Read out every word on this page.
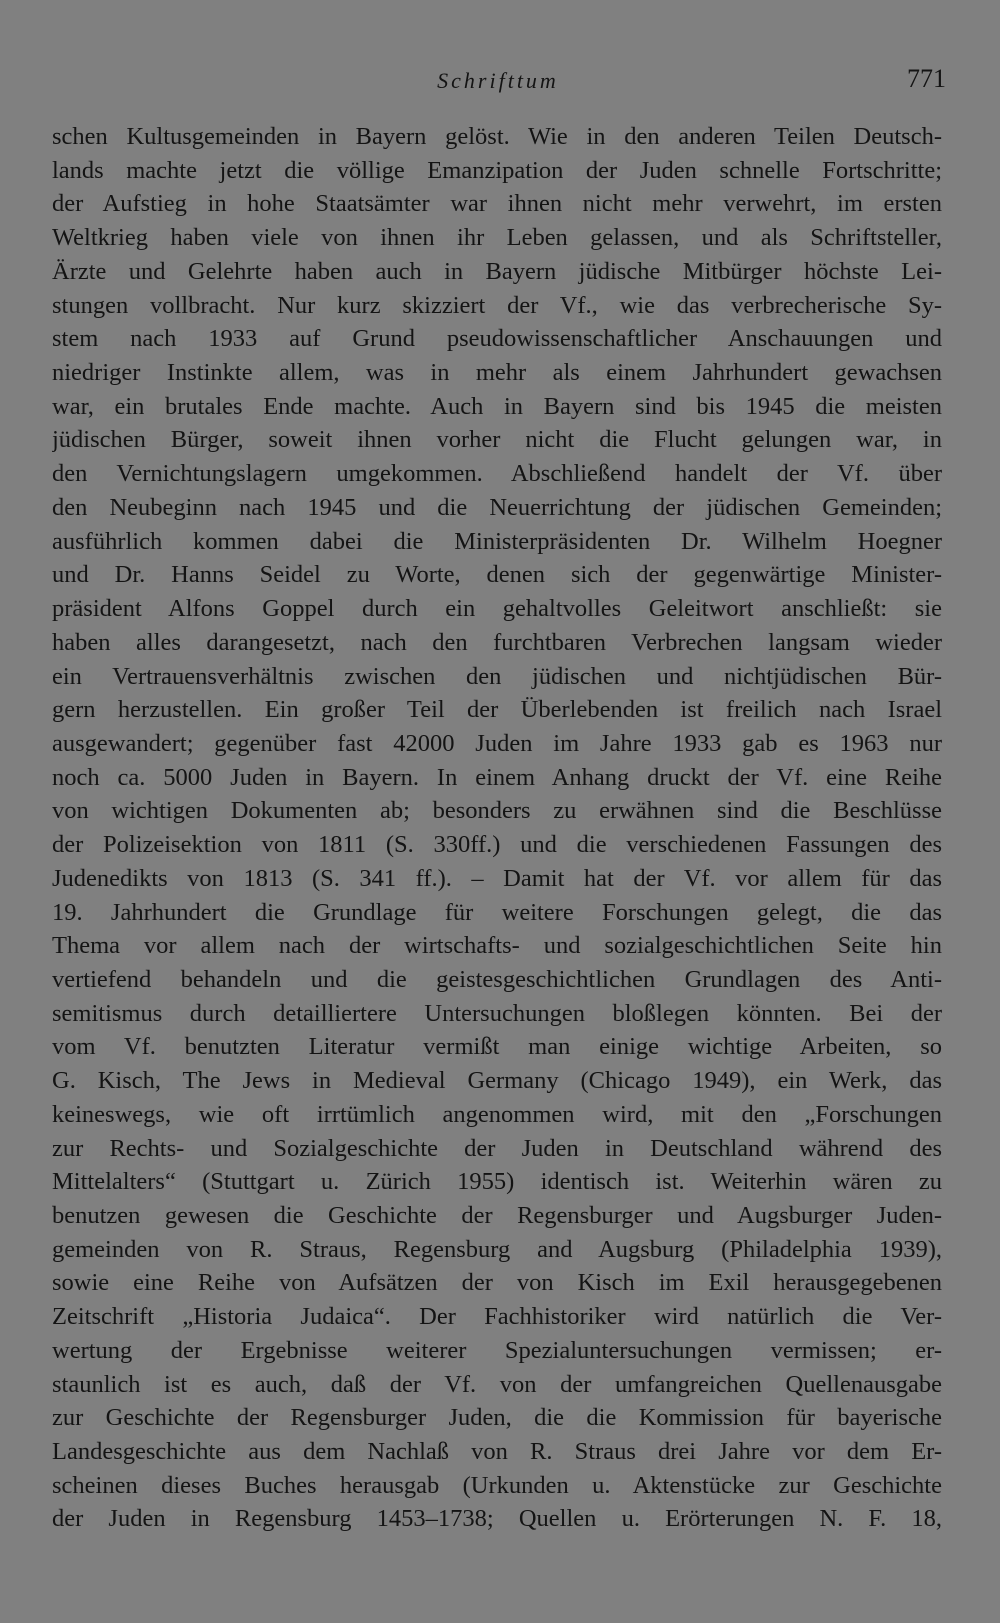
Schrifttum	771
schen Kultusgemeinden in Bayern gelöst. Wie in den anderen Teilen Deutsch-
lands machte jetzt die völlige Emanzipation der Juden schnelle Fortschritte;
der Aufstieg in hohe Staatsämter war ihnen nicht mehr verwehrt, im ersten
Weltkrieg haben viele von ihnen ihr Leben gelassen, und als Schriftsteller,
Ärzte und Gelehrte haben auch in Bayern jüdische Mitbürger höchste Lei-
stungen vollbracht. Nur kurz skizziert der Vf., wie das verbrecherische Sy-
stem nach 1933 auf Grund pseudowissenschaftlicher Anschauungen und
niedriger Instinkte allem, was in mehr als einem Jahrhundert gewachsen
war, ein brutales Ende machte. Auch in Bayern sind bis 1945 die meisten
jüdischen Bürger, soweit ihnen vorher nicht die Flucht gelungen war, in
den Vernichtungslagern umgekommen. Abschließend handelt der Vf. über
den Neubeginn nach 1945 und die Neuerrichtung der jüdischen Gemeinden;
ausführlich kommen dabei die Ministerpräsidenten Dr. Wilhelm Hoegner
und Dr. Hanns Seidel zu Worte, denen sich der gegenwärtige Minister-
präsident Alfons Goppel durch ein gehaltvolles Geleitwort anschließt: sie
haben alles darangesetzt, nach den furchtbaren Verbrechen langsam wieder
ein Vertrauensverhältnis zwischen den jüdischen und nichtjüdischen Bür-
gern herzustellen. Ein großer Teil der Überlebenden ist freilich nach Israel
ausgewandert; gegenüber fast 42000 Juden im Jahre 1933 gab es 1963 nur
noch ca. 5000 Juden in Bayern. In einem Anhang druckt der Vf. eine Reihe
von wichtigen Dokumenten ab; besonders zu erwähnen sind die Beschlüsse
der Polizeisektion von 1811 (S. 330ff.) und die verschiedenen Fassungen des
Judenedikts von 1813 (S. 341 ff.). – Damit hat der Vf. vor allem für das
19. Jahrhundert die Grundlage für weitere Forschungen gelegt, die das
Thema vor allem nach der wirtschafts- und sozialgeschichtlichen Seite hin
vertiefend behandeln und die geistesgeschichtlichen Grundlagen des Anti-
semitismus durch detailliertere Untersuchungen bloßlegen könnten. Bei der
vom Vf. benutzten Literatur vermißt man einige wichtige Arbeiten, so
G. Kisch, The Jews in Medieval Germany (Chicago 1949), ein Werk, das
keineswegs, wie oft irrtümlich angenommen wird, mit den „Forschungen
zur Rechts- und Sozialgeschichte der Juden in Deutschland während des
Mittelalters“ (Stuttgart u. Zürich 1955) identisch ist. Weiterhin wären zu
benutzen gewesen die Geschichte der Regensburger und Augsburger Juden-
gemeinden von R. Straus, Regensburg and Augsburg (Philadelphia 1939),
sowie eine Reihe von Aufsätzen der von Kisch im Exil herausgegebenen
Zeitschrift „Historia Judaica“. Der Fachhistoriker wird natürlich die Ver-
wertung der Ergebnisse weiterer Spezialuntersuchungen vermissen; er-
staunlich ist es auch, daß der Vf. von der umfangreichen Quellenausgabe
zur Geschichte der Regensburger Juden, die die Kommission für bayerische
Landesgeschichte aus dem Nachlaß von R. Straus drei Jahre vor dem Er-
scheinen dieses Buches herausgab (Urkunden u. Aktenstücke zur Geschichte
der Juden in Regensburg 1453–1738; Quellen u. Erörterungen N. F. 18,
